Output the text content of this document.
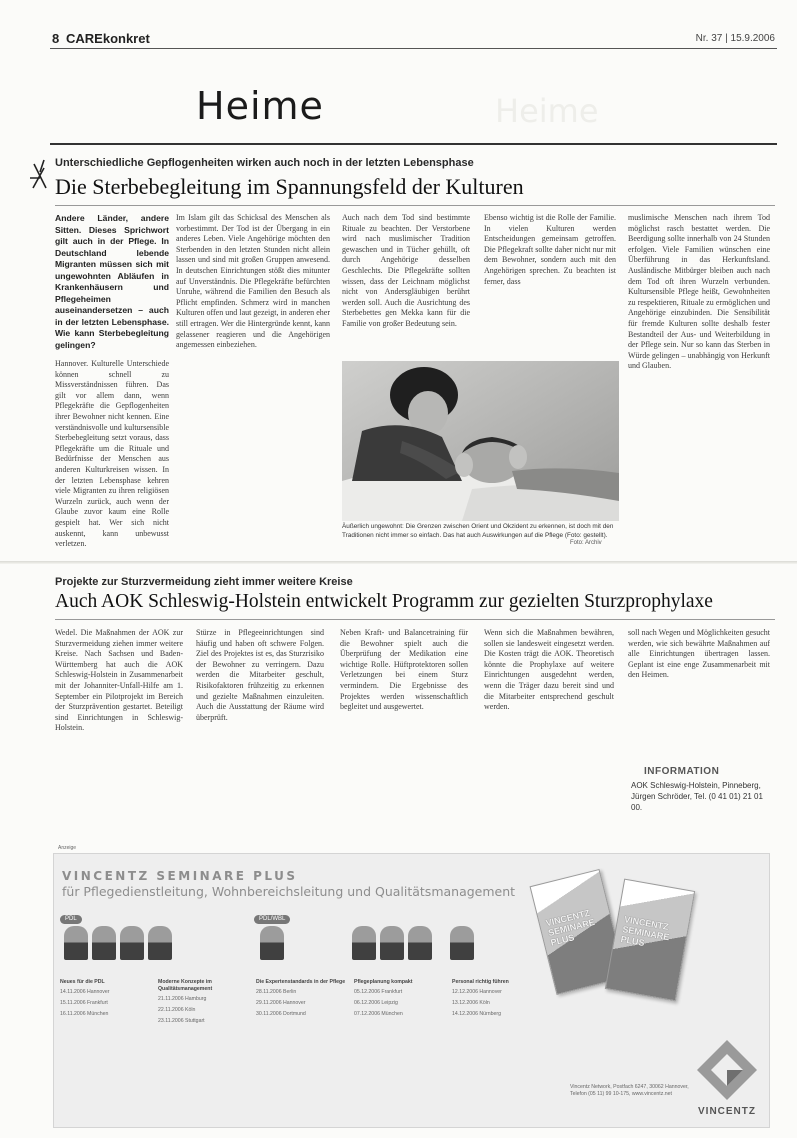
8 CAREkonkret	Nr. 37 | 15.9.2006
Heime	Heime
Unterschiedliche Gepflogenheiten wirken auch noch in der letzten Lebensphase
Die Sterbebegleitung im Spannungsfeld der Kulturen
Andere Länder, andere Sitten. Dieses Sprichwort gilt auch in der Pflege. In Deutschland lebende Migranten müssen sich mit ungewohnten Abläufen in Krankenhäusern und Pflegeheimen auseinandersetzen – auch in der letzten Lebensphase. Wie kann Sterbebegleitung gelingen?

Hannover. Kulturelle Unterschiede können schnell zu Missverständnissen führen. Das gilt vor allem dann, wenn Pflegekräfte die Gepflogenheiten ihrer Bewohner nicht kennen. Eine verständnisvolle und kultursensible Sterbebegleitung setzt voraus, dass Pflegekräfte um die Rituale und Bedürfnisse der Menschen aus anderen Kulturkreisen wissen. In der letzten Lebensphase kehren viele Migranten zu ihren religiösen Wurzeln zurück, auch wenn der Glaube zuvor kaum eine Rolle gespielt hat. Wer sich nicht auskennt, kann unbewusst verletzen.

Im Islam gilt das Schicksal des Menschen als vorbestimmt. Der Tod ist der Übergang in ein anderes Leben. Viele Angehörige möchten den Sterbenden in den letzten Stunden nicht allein lassen und sind mit großen Gruppen anwesend. In deutschen Einrichtungen stößt dies mitunter auf Unverständnis. Die Pflegekräfte befürchten Unruhe, während die Familien den Besuch als Pflicht empfinden. Schmerz wird in manchen Kulturen offen und laut gezeigt, in anderen eher still ertragen. Wer die Hintergründe kennt, kann gelassener reagieren und die Angehörigen angemessen einbeziehen.

Auch nach dem Tod sind bestimmte Rituale zu beachten. Der Verstorbene wird nach muslimischer Tradition gewaschen und in Tücher gehüllt, oft durch Angehörige desselben Geschlechts. Die Pflegekräfte sollten wissen, dass der Leichnam möglichst nicht von Andersgläubigen berührt werden soll. Auch die Ausrichtung des Sterbebettes gen Mekka kann für die Familie von großer Bedeutung sein.

Ebenso wichtig ist die Rolle der Familie. In vielen Kulturen werden Entscheidungen gemeinsam getroffen. Die Pflegekraft sollte daher nicht nur mit dem Bewohner, sondern auch mit den Angehörigen sprechen. Zu beachten ist ferner, dass

muslimische Menschen nach ihrem Tod möglichst rasch bestattet werden. Die Beerdigung sollte innerhalb von 24 Stunden erfolgen. Viele Familien wünschen eine Überführung in das Herkunftsland. Ausländische Mitbürger bleiben auch nach dem Tod oft ihren Wurzeln verbunden. Kultursensible Pflege heißt, Gewohnheiten zu respektieren, Rituale zu ermöglichen und Angehörige einzubinden. Die Sensibilität für fremde Kulturen sollte deshalb fester Bestandteil der Aus- und Weiterbildung in der Pflege sein. Nur so kann das Sterben in Würde gelingen – unabhängig von Herkunft und Glauben.

Äußerlich ungewohnt: Die Grenzen zwischen Orient und Okzident zu erkennen, ist doch mit den Traditionen nicht immer so einfach. Das hat auch Auswirkungen auf die Pflege (Foto: gestellt).
Foto: Archiv
Projekte zur Sturzvermeidung zieht immer weitere Kreise
Auch AOK Schleswig-Holstein entwickelt Programm zur gezielten Sturzprophylaxe

Wedel. Die Maßnahmen der AOK zur Sturzvermeidung ziehen immer weitere Kreise. Nach Sachsen und Baden-Württemberg hat auch die AOK Schleswig-Holstein in Zusammenarbeit mit der Johanniter-Unfall-Hilfe am 1. September ein Pilotprojekt im Bereich der Sturzprävention gestartet. Beteiligt sind Einrichtungen in Schleswig-Holstein.

Stürze in Pflegeeinrichtungen sind häufig und haben oft schwere Folgen. Ziel des Projektes ist es, das Sturzrisiko der Bewohner zu verringern. Dazu werden die Mitarbeiter geschult, Risikofaktoren frühzeitig zu erkennen und gezielte Maßnahmen einzuleiten. Auch die Ausstattung der Räume wird überprüft.

Neben Kraft- und Balancetraining für die Bewohner spielt auch die Überprüfung der Medikation eine wichtige Rolle. Hüftprotektoren sollen Verletzungen bei einem Sturz vermindern. Die Ergebnisse des Projektes werden wissenschaftlich begleitet und ausgewertet.

Wenn sich die Maßnahmen bewähren, sollen sie landesweit eingesetzt werden. Die Kosten trägt die AOK. Theoretisch könnte die Prophylaxe auf weitere Einrichtungen ausgedehnt werden, wenn die Träger dazu bereit sind und die Mitarbeiter entsprechend geschult werden.

soll nach Wegen und Möglichkeiten gesucht werden, wie sich bewährte Maßnahmen auf alle Einrichtungen übertragen lassen. Geplant ist eine enge Zusammenarbeit mit den Heimen.

INFORMATION
AOK Schleswig-Holstein, Pinneberg, Jürgen Schröder, Tel. (0 41 01) 21 01 00.
Anzeige
VINCENTZ SEMINARE PLUS
für Pflegedienstleitung, Wohnbereichsleitung und Qualitätsmanagement
PDL	PDL/WBL
Neues für die PDL
14.11.2006 Hannover
15.11.2006 Frankfurt
16.11.2006 München
Moderne Konzepte im Qualitätsmanagement
21.11.2006 Hamburg
22.11.2006 Köln
23.11.2006 Stuttgart
Die Expertenstandards in der Pflege
28.11.2006 Berlin
29.11.2006 Hannover
30.11.2006 Dortmund
Pflegeplanung kompakt
05.12.2006 Frankfurt
06.12.2006 Leipzig
07.12.2006 München
Personal richtig führen
12.12.2006 Hannover
13.12.2006 Köln
14.12.2006 Nürnberg
VINCENTZ SEMINARE PLUS
VINCENTZ SEMINARE PLUS
Vincentz Network, Postfach 6247, 30062 Hannover, Telefon (05 11) 99 10-175, www.vincentz.net
VINCENTZ
